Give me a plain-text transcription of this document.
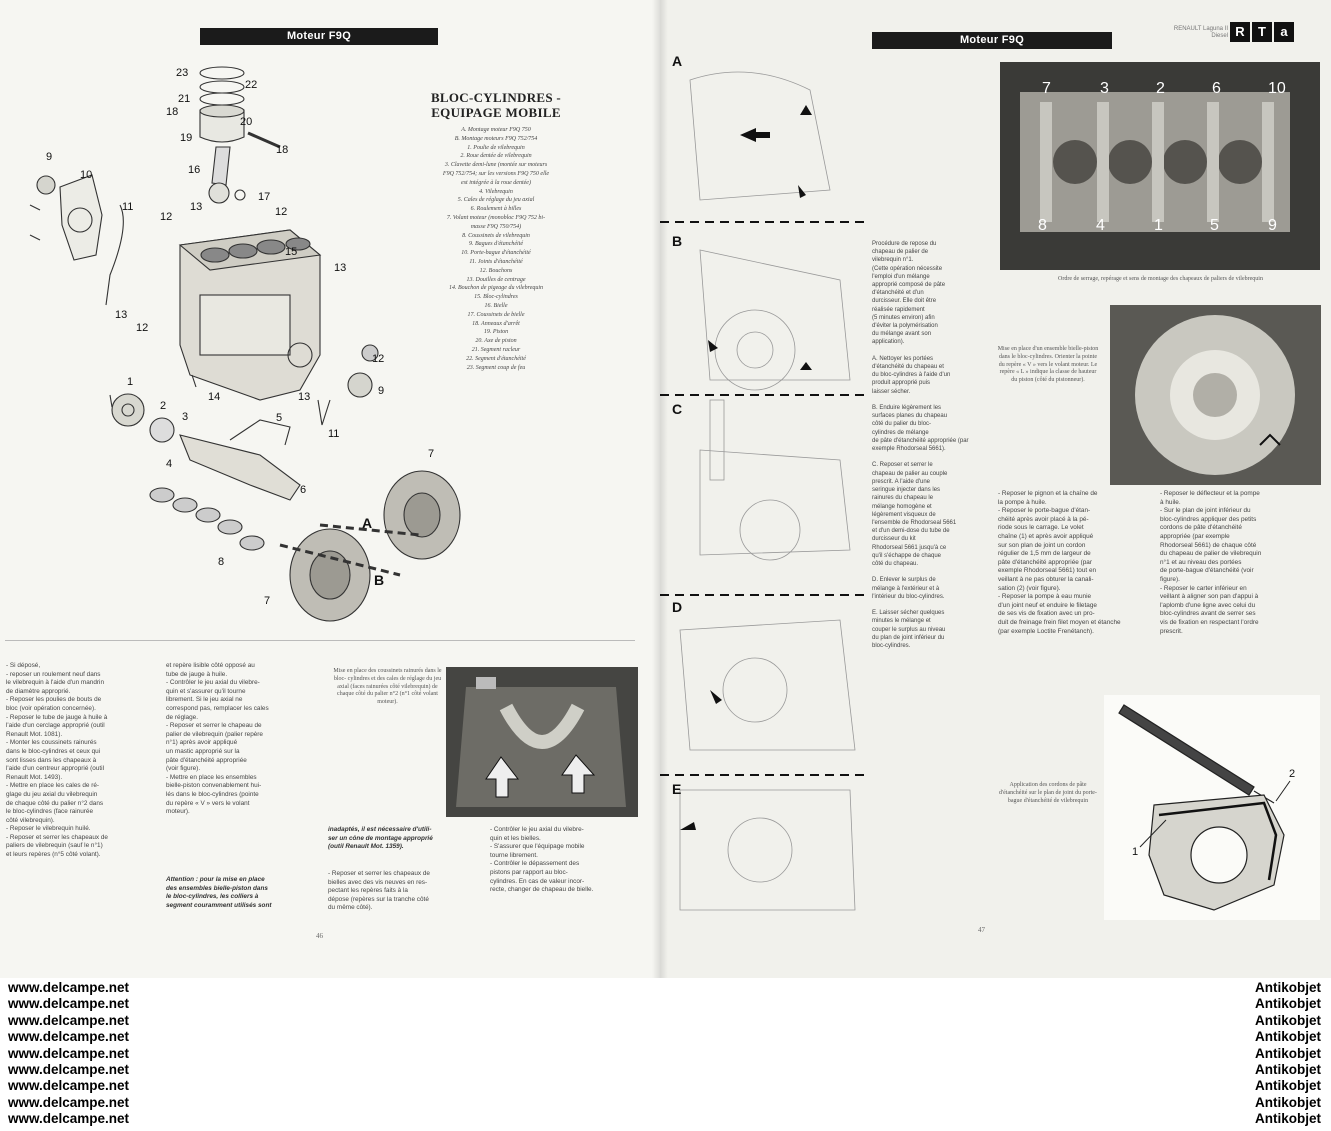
Moteur F9Q
23
22
21
18
20
19
18
9
10	16
17
11
12
13	12
15
13
13
12
12
1
2
3
14	13
5
4
6
7
8
7
9
11
A
B
BLOC-CYLINDRES -
EQUIPAGE MOBILE
A. Montage moteur F9Q 750
B. Montage moteurs F9Q 752/754
1. Poulie de vilebrequin
2. Roue dentée de vilebrequin
3. Clavette demi-lune (montée sur moteurs
F9Q 752/754; sur les versions F9Q 750 elle
est intégrée à la roue dentée)
4. Vilebrequin
5. Cales de réglage du jeu axial
6. Roulement à billes
7. Volant moteur (monobloc F9Q 752 bi-
masse F9Q 750/754)
8. Coussinets de vilebrequin
9. Bagues d'étanchéité
10. Porte-bague d'étanchéité
11. Joints d'étanchéité
12. Bouchons
13. Douilles de centrage
14. Bouchon de pigeage du vilebrequin
15. Bloc-cylindres
16. Bielle
17. Coussinets de bielle
18. Anneaux d'arrêt
19. Piston
20. Axe de piston
21. Segment racleur
22. Segment d'étanchéité
23. Segment coup de feu
- Si déposé,
- reposer un roulement neuf dans
le vilebrequin à l'aide d'un mandrin
de diamètre approprié.
- Reposer les poulies de bouts de
bloc (voir opération concernée).
- Reposer le tube de jauge à huile à
l'aide d'un cerclage approprié (outil
Renault Mot. 1081).
- Monter les coussinets rainurés
dans le bloc-cylindres et ceux qui
sont lisses dans les chapeaux à
l'aide d'un centreur approprié (outil
Renault Mot. 1493).
- Mettre en place les cales de ré-
glage du jeu axial du vilebrequin
de chaque côté du palier n°2 dans
le bloc-cylindres (face rainurée
côté vilebrequin).
- Reposer le vilebrequin huilé.
- Reposer et serrer les chapeaux de
paliers de vilebrequin (sauf le n°1)
et leurs repères (n°5 côté volant).
et repère lisible côté opposé au
tube de jauge à huile.
- Contrôler le jeu axial du vilebre-
quin et s'assurer qu'il tourne
librement. Si le jeu axial ne
correspond pas, remplacer les cales
de réglage.
- Reposer et serrer le chapeau de
palier de vilebrequin (palier repère
n°1) après avoir appliqué
un mastic approprié sur la
pâte d'étanchéité appropriée
(voir figure).
- Mettre en place les ensembles
bielle-piston convenablement hui-
lés dans le bloc-cylindres (pointe
du repère « V » vers le volant
moteur).
Attention : pour la mise en place
des ensembles bielle-piston dans
le bloc-cylindres, les colliers à
segment couramment utilisés sont
inadaptés, il est nécessaire d'utili-
ser un cône de montage approprié
(outil Renault Mot. 1359).
- Reposer et serrer les chapeaux de
bielles avec des vis neuves en res-
pectant les repères faits à la
dépose (repères sur la tranche côté
du même côté).
- Contrôler le jeu axial du vilebre-
quin et les bielles.
- S'assurer que l'équipage mobile
tourne librement.
- Contrôler le dépassement des
pistons par rapport au bloc-
cylindres. En cas de valeur incor-
recte, changer de chapeau de bielle.
Mise en place des coussinets rainurés dans le bloc- cylindres et des cales de réglage du jeu axial (faces rainurées côté vilebrequin) de chaque côté du palier n°2 (n°1 côté volant moteur).
46
Moteur F9Q
RENAULT Laguna II
Diesel R	T	a
A
B
C
D
E
Procédure de repose du
chapeau de palier de
vilebrequin n°1.
(Cette opération nécessite
l'emploi d'un mélange
approprié composé de pâte
d'étanchéité et d'un
durcisseur. Elle doit être
réalisée rapidement
(5 minutes environ) afin
d'éviter la polymérisation
du mélange avant son
application).

A. Nettoyer les portées
d'étanchéité du chapeau et
du bloc-cylindres à l'aide d'un
produit approprié puis
laisser sécher.

B. Enduire légèrement les
surfaces planes du chapeau
côté du palier du bloc-
cylindres de mélange
de pâte d'étanchéité appropriée (par
exemple Rhodorseal 5661).

C. Reposer et serrer le
chapeau de palier au couple
prescrit. A l'aide d'une
seringue injecter dans les
rainures du chapeau le
mélange homogène et
légèrement visqueux de
l'ensemble de Rhodorseal 5661
et d'un demi-dose du tube de
durcisseur du kit
Rhodorseal 5661 jusqu'à ce
qu'il s'échappe de chaque
côté du chapeau.

D. Enlever le surplus de
mélange à l'extérieur et à
l'intérieur du bloc-cylindres.

E. Laisser sécher quelques
minutes le mélange et
couper le surplus au niveau
du plan de joint inférieur du
bloc-cylindres.
7	3	2	6	10
8	4	1	5	9
Ordre de serrage, repérage et sens de montage des chapeaux de paliers de vilebrequin
Mise en place d'un ensemble bielle-piston dans le bloc-cylindres. Orienter la pointe du repère « V » vers le volant moteur. Le repère « L » indique la classe de hauteur du piston (côté du pistonneur).
- Reposer le pignon et la chaîne de
la pompe à huile.
- Reposer le porte-bague d'étan-
chéité après avoir placé à la pé-
riode sous le carrage. Le volet
chaîne (1) et après avoir appliqué
sur son plan de joint un cordon
régulier de 1,5 mm de largeur de
pâte d'étanchéité appropriée (par
exemple Rhodorseal 5661) tout en
veillant à ne pas obturer la canali-
sation (2) (voir figure).
- Reposer la pompe à eau munie
d'un joint neuf et enduire le filetage
de ses vis de fixation avec un pro-
duit de freinage frein filet moyen et étanche
(par exemple Loctite Frenétanch).
- Reposer le déflecteur et la pompe
à huile.
- Sur le plan de joint inférieur du
bloc-cylindres appliquer des petits
cordons de pâte d'étanchéité
appropriée (par exemple
Rhodorseal 5661) de chaque côté
du chapeau de palier de vilebrequin
n°1 et au niveau des portées
de porte-bague d'étanchéité (voir
figure).
- Reposer le carter inférieur en
veillant à aligner son pan d'appui à
l'aplomb d'une ligne avec celui du
bloc-cylindres avant de serrer ses
vis de fixation en respectant l'ordre
prescrit.
Application des cordons de pâte d'étanchéité sur le plan de joint du porte-bague d'étanchéité de vilebrequin
2
1
47
www.delcampe.net
www.delcampe.net
www.delcampe.net
www.delcampe.net
www.delcampe.net
www.delcampe.net
www.delcampe.net
www.delcampe.net
www.delcampe.net
Antikobjet
Antikobjet
Antikobjet
Antikobjet
Antikobjet
Antikobjet
Antikobjet
Antikobjet
Antikobjet
